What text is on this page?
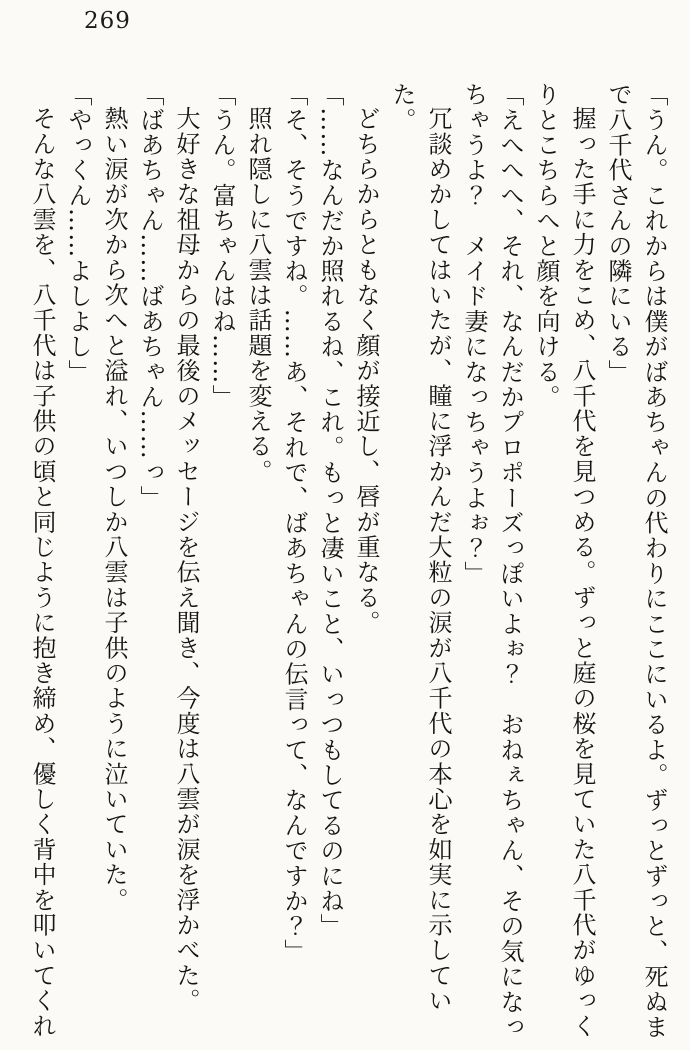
269

「うん。これからは僕がばあちゃんの代わりにここにいるよ。ずっとずっと、死ぬまで八千代さんの隣にいる」

握った手に力をこめ、八千代を見つめる。ずっと庭の桜を見ていた八千代がゆっくりとこちらへと顔を向ける。

「えへへへ、それ、なんだかプロポーズっぽいよぉ？　おねぇちゃん、その気になっちゃうよ？　メイド妻になっちゃうよぉ？」

冗談めかしてはいたが、瞳に浮かんだ大粒の涙が八千代の本心を如実に示していた。

どちらからともなく顔が接近し、唇が重なる。

「……なんだか照れるね、これ。もっと凄いこと、いっつもしてるのにね」

「そ、そうですね。……あ、それで、ばあちゃんの伝言って、なんですか？」

照れ隠しに八雲は話題を変える。

「うん。富ちゃんはね……」

大好きな祖母からの最後のメッセージを伝え聞き、今度は八雲が涙を浮かべた。

「ばあちゃん……ばあちゃん……っ」

熱い涙が次から次へと溢れ、いつしか八雲は子供のように泣いていた。

「やっくん……よしよし」

そんな八雲を、八千代は子供の頃と同じように抱き締め、優しく背中を叩いてくれ
